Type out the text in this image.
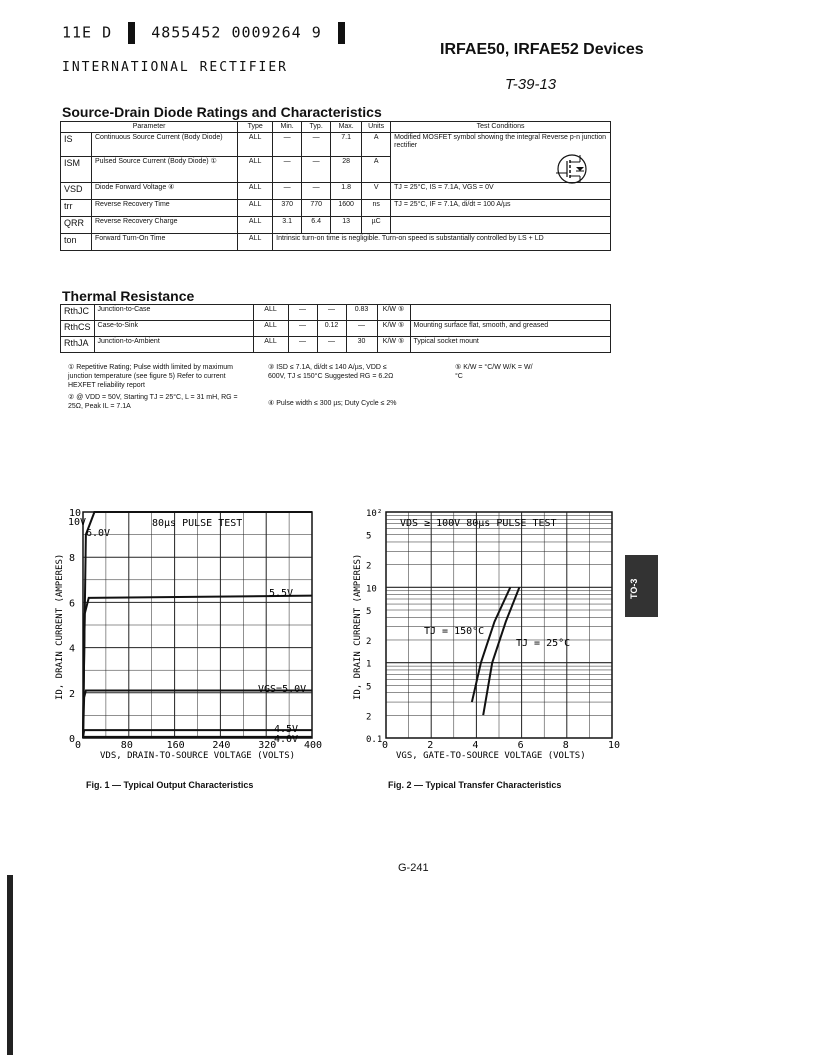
11E D	4855452 0009264 9
INTERNATIONAL RECTIFIER
IRFAE50, IRFAE52 Devices
T-39-13
Source-Drain Diode Ratings and Characteristics
Parameter		Type	Min.	Typ.	Max.	Units	Test Conditions
IS	Continuous Source Current (Body Diode)	ALL	—	—	7.1	A	Modified MOSFET symbol showing the integral Reverse p-n junction rectifier

ISM	Pulsed Source Current (Body Diode) ①	ALL	—	—	28	A	
VSD	Diode Forward Voltage ④	ALL	—	—	1.8	V	TJ = 25°C, IS = 7.1A, VGS = 0V
trr	Reverse Recovery Time	ALL	370	770	1600	ns	TJ = 25°C, IF = 7.1A, di/dt = 100 A/µs
QRR	Reverse Recovery Charge	ALL	3.1	6.4	13	µC	
ton	Forward Turn-On Time	ALL	Intrinsic turn-on time is negligible. Turn-on speed is substantially controlled by LS + LD				
Thermal Resistance
RthJC	Junction-to-Case	ALL	—	—	0.83	K/W ⑤	
RthCS	Case-to-Sink	ALL	—	0.12	—	K/W ⑤	Mounting surface flat, smooth, and greased
RthJA	Junction-to-Ambient	ALL	—	—	30	K/W ⑤	Typical socket mount
① Repetitive Rating; Pulse width limited by maximum junction temperature (see figure 5) Refer to current HEXFET reliability report
② @ VDD = 50V, Starting TJ = 25°C, L = 31 mH, RG = 25Ω, Peak IL = 7.1A
③ ISD ≤ 7.1A, di/dt ≤ 140 A/µs, VDD ≤ 600V, TJ ≤ 150°C Suggested RG = 6.2Ω
④ Pulse width ≤ 300 µs; Duty Cycle ≤ 2%
⑤ K/W = °C/W W/K = W/°C
0	80	160	240	320	400
0
2
4
6
8
10
80µs PULSE TEST
10V
6.0V
5.5V
VGS=5.0V
4.5V
4.0V
VDS, DRAIN-TO-SOURCE VOLTAGE (VOLTS)
ID, DRAIN CURRENT (AMPERES)
Fig. 1 — Typical Output Characteristics
0	2	4	6	8	10
0.1
2
5
1
2
5
10
2
5
10²
VDS ≥ 100V 80µs PULSE TEST
TJ = 150°C
TJ = 25°C
VGS, GATE-TO-SOURCE VOLTAGE (VOLTS)
ID, DRAIN CURRENT (AMPERES)
Fig. 2 — Typical Transfer Characteristics
G-241
TO-3
